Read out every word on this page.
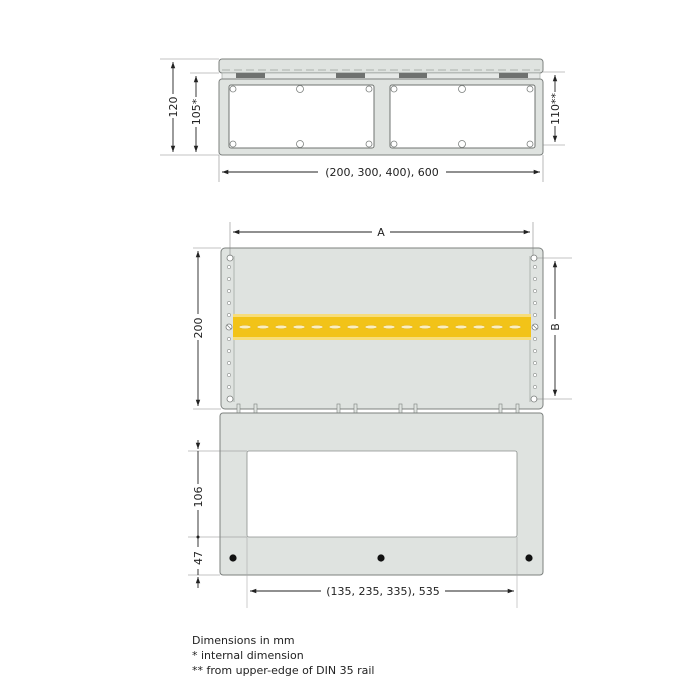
120 105*	110**
(200, 300, 400), 600
A
200	B
106
47
(135, 235, 335), 535
Dimensions in mm
* internal dimension
** from upper-edge of DIN 35 rail
